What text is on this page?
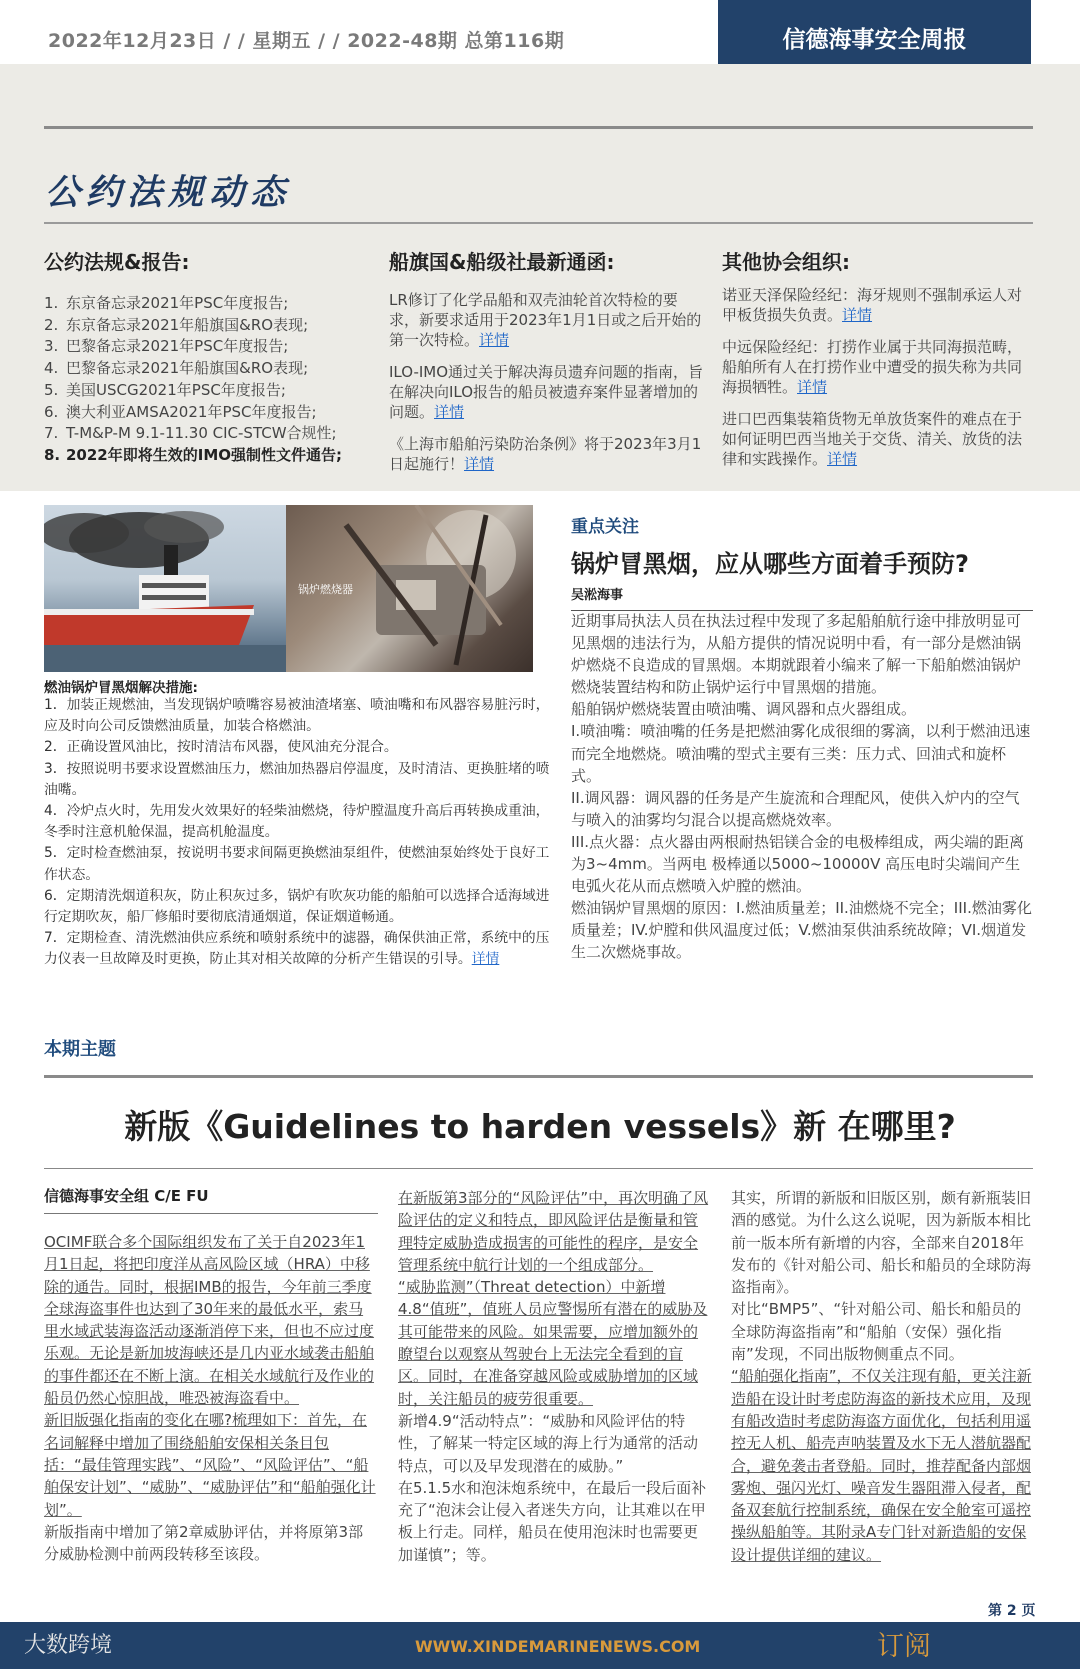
2022年12月23日 / / 星期五 / / 2022-48期 总第116期	信德海事安全周报
公约法规动态
公约法规&报告:	船旗国&船级社最新通函:	其他协会组织:
1. 东京备忘录2021年PSC年度报告;
2. 东京备忘录2021年船旗国&RO表现;
3. 巴黎备忘录2021年PSC年度报告;
4. 巴黎备忘录2021年船旗国&RO表现;
5. 美国USCG2021年PSC年度报告;
6. 澳大利亚AMSA2021年PSC年度报告;
7. T-M&P-M 9.1-11.30 CIC-STCW合规性;
8. 2022年即将生效的IMO强制性文件通告;

LR修订了化学品船和双壳油轮首次特检的要求，新要求适用于2023年1月1日或之后开始的第一次特检。详情

ILO-IMO通过关于解决海员遗弃问题的指南，旨在解决向ILO报告的船员被遗弃案件显著增加的问题。详情

《上海市船舶污染防治条例》将于2023年3月1日起施行！详情

诺亚天泽保险经纪：海牙规则不强制承运人对甲板货损失负责。详情

中远保险经纪：打捞作业属于共同海损范畴，船舶所有人在打捞作业中遭受的损失称为共同海损牺牲。详情

进口巴西集装箱货物无单放货案件的难点在于如何证明巴西当地关于交货、清关、放货的法律和实践操作。详情

锅炉燃烧器
燃油锅炉冒黑烟解决措施:

1．加装正规燃油，当发现锅炉喷嘴容易被油渣堵塞、喷油嘴和布风器容易脏污时，应及时向公司反馈燃油质量，加装合格燃油。

2．正确设置风油比，按时清洁布风器，使风油充分混合。

3．按照说明书要求设置燃油压力，燃油加热器启停温度，及时清洁、更换脏堵的喷油嘴。

4．冷炉点火时，先用发火效果好的轻柴油燃烧，待炉膛温度升高后再转换成重油，冬季时注意机舱保温，提高机舱温度。

5．定时检查燃油泵，按说明书要求间隔更换燃油泵组件，使燃油泵始终处于良好工作状态。

6．定期清洗烟道积灰，防止积灰过多，锅炉有吹灰功能的船舶可以选择合适海域进行定期吹灰，船厂修船时要彻底清通烟道，保证烟道畅通。

7．定期检查、清洗燃油供应系统和喷射系统中的滤器，确保供油正常，系统中的压力仪表一旦故障及时更换，防止其对相关故障的分析产生错误的引导。详情

重点关注
锅炉冒黑烟，应从哪些方面着手预防?
吴淞海事

近期事局执法人员在执法过程中发现了多起船舶航行途中排放明显可见黑烟的违法行为，从船方提供的情况说明中看，有一部分是燃油锅炉燃烧不良造成的冒黑烟。本期就跟着小编来了解一下船舶燃油锅炉燃烧装置结构和防止锅炉运行中冒黑烟的措施。

船舶锅炉燃烧装置由喷油嘴、调风器和点火器组成。

I.喷油嘴：喷油嘴的任务是把燃油雾化成很细的雾滴，以利于燃油迅速而完全地燃烧。喷油嘴的型式主要有三类：压力式、回油式和旋杯式。

II.调风器：调风器的任务是产生旋流和合理配风，使供入炉内的空气与喷入的油雾均匀混合以提高燃烧效率。

III.点火器：点火器由两根耐热铝镁合金的电极棒组成，两尖端的距离为3~4mm。当两电 极棒通以5000~10000V 高压电时尖端间产生电弧火花从而点燃喷入炉膛的燃油。

燃油锅炉冒黑烟的原因：I.燃油质量差；II.油燃烧不完全；III.燃油雾化质量差；IV.炉膛和供风温度过低；V.燃油泵供油系统故障；VI.烟道发生二次燃烧事故。

本期主题
新版《Guidelines to harden vessels》新 在哪里?
信德海事安全组 C/E FU

OCIMF联合多个国际组织发布了关于自2023年1月1日起，将把印度洋从高风险区域（HRA）中移除的通告。同时，根据IMB的报告，今年前三季度全球海盗事件也达到了30年来的最低水平，索马里水域武装海盗活动逐渐消停下来，但也不应过度乐观。无论是新加坡海峡还是几内亚水域袭击船舶的事件都还在不断上演。在相关水域航行及作业的船员仍然心惊胆战，唯恐被海盗看中。

新旧版强化指南的变化在哪?梳理如下：首先，在名词解释中增加了围绕船舶安保相关条目包括：“最佳管理实践”、“风险”、“风险评估”、“船舶保安计划”、“威胁”、“威胁评估”和“船舶强化计划”。

新版指南中增加了第2章威胁评估，并将原第3部分威胁检测中前两段转移至该段。

在新版第3部分的“风险评估”中，再次明确了风险评估的定义和特点，即风险评估是衡量和管理特定威胁造成损害的可能性的程序，是安全管理系统中航行计划的一个组成部分。

“威胁监测”（Threat detection）中新增4.8“值班”，值班人员应警惕所有潜在的威胁及其可能带来的风险。如果需要，应增加额外的瞭望台以观察从驾驶台上无法完全看到的盲区。同时，在准备穿越风险或威胁增加的区域时，关注船员的疲劳很重要。

新增4.9“活动特点”：“威胁和风险评估的特性，了解某一特定区域的海上行为通常的活动特点，可以及早发现潜在的威胁。”

在5.1.5水和泡沫炮系统中，在最后一段后面补充了“泡沫会让侵入者迷失方向，让其难以在甲板上行走。同样，船员在使用泡沫时也需要更加谨慎”；等。

其实，所谓的新版和旧版区别，颇有新瓶装旧酒的感觉。为什么这么说呢，因为新版本相比前一版本所有新增的内容，全部来自2018年发布的《针对船公司、船长和船员的全球防海盗指南》。

对比“BMP5”、“针对船公司、船长和船员的全球防海盗指南”和“船舶（安保）强化指南”发现，不同出版物侧重点不同。

“船舶强化指南”，不仅关注现有船，更关注新造船在设计时考虑防海盗的新技术应用，及现有船改造时考虑防海盗方面优化，包括利用遥控无人机、船壳声呐装置及水下无人潜航器配合，避免袭击者登船。同时，推荐配备内部烟雾炮、强闪光灯、噪音发生器阻滞入侵者，配备双套航行控制系统，确保在安全舱室可遥控操纵船舶等。其附录A专门针对新造船的安保设计提供详细的建议。

第 2 页
大数跨境	WWW.XINDEMARINENEWS.COM	订阅
